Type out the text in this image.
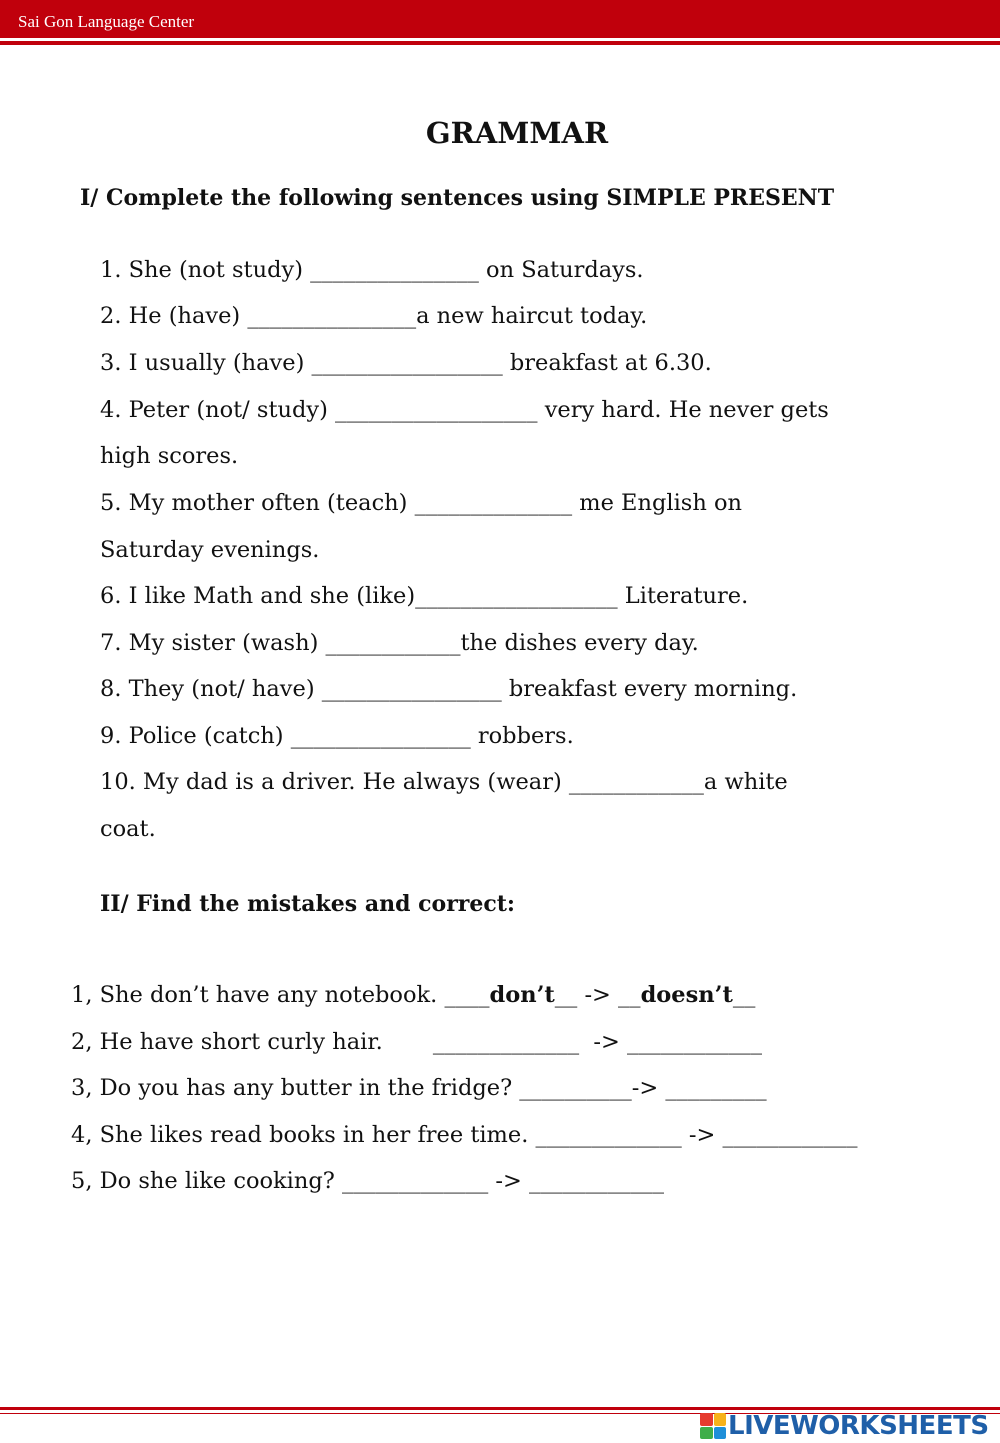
Sai Gon Language Center
GRAMMAR
I/ Complete the following sentences using SIMPLE PRESENT
1. She (not study) _______________ on Saturdays.
2. He (have) _______________a new haircut today.
3. I usually (have) _________________ breakfast at 6.30.
4. Peter (not/ study) __________________ very hard. He never gets
high scores.
5. My mother often (teach) ______________ me English on
Saturday evenings.
6. I like Math and she (like)__________________ Literature.
7. My sister (wash) ____________the dishes every day.
8. They (not/ have) ________________ breakfast every morning.
9. Police (catch) ________________ robbers.
10. My dad is a driver. He always (wear) ____________a white
coat.
II/ Find the mistakes and correct:
1, She don’t have any notebook. ____don’t__ -> __doesn’t__
2, He have short curly hair.       _____________  -> ____________
3, Do you has any butter in the fridge? __________-> _________
4, She likes read books in her free time. _____________ -> ____________
5, Do she like cooking? _____________ -> ____________
LIVEWORKSHEETS
